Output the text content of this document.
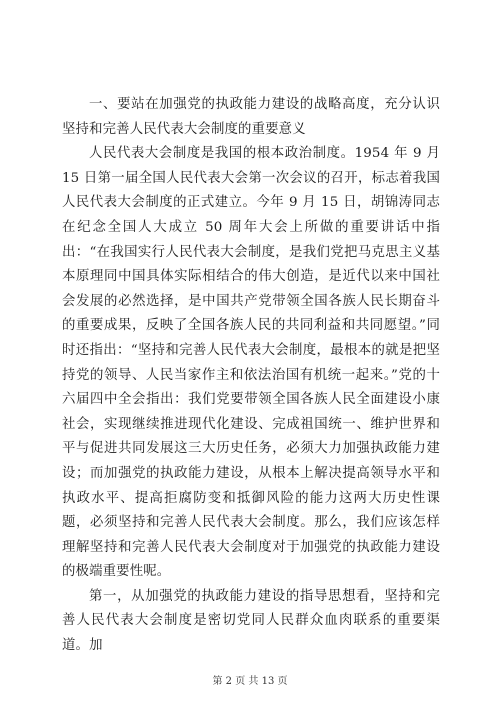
一、要站在加强党的执政能力建设的战略高度，充分认识坚持和完善人民代表大会制度的重要意义

人民代表大会制度是我国的根本政治制度。1954 年 9 月 15 日第一届全国人民代表大会第一次会议的召开，标志着我国人民代表大会制度的正式建立。今年 9 月 15 日，胡锦涛同志在纪念全国人大成立 50 周年大会上所做的重要讲话中指出：“在我国实行人民代表大会制度，是我们党把马克思主义基本原理同中国具体实际相结合的伟大创造，是近代以来中国社会发展的必然选择，是中国共产党带领全国各族人民长期奋斗的重要成果，反映了全国各族人民的共同利益和共同愿望。”同时还指出：“坚持和完善人民代表大会制度，最根本的就是把坚持党的领导、人民当家作主和依法治国有机统一起来。”党的十六届四中全会指出：我们党要带领全国各族人民全面建设小康社会，实现继续推进现代化建设、完成祖国统一、维护世界和平与促进共同发展这三大历史任务，必须大力加强执政能力建设；而加强党的执政能力建设，从根本上解决提高领导水平和执政水平、提高拒腐防变和抵御风险的能力这两大历史性课题，必须坚持和完善人民代表大会制度。那么，我们应该怎样理解坚持和完善人民代表大会制度对于加强党的执政能力建设的极端重要性呢。

第一，从加强党的执政能力建设的指导思想看，坚持和完善人民代表大会制度是密切党同人民群众血肉联系的重要渠道。加

第 2 页 共 13 页
